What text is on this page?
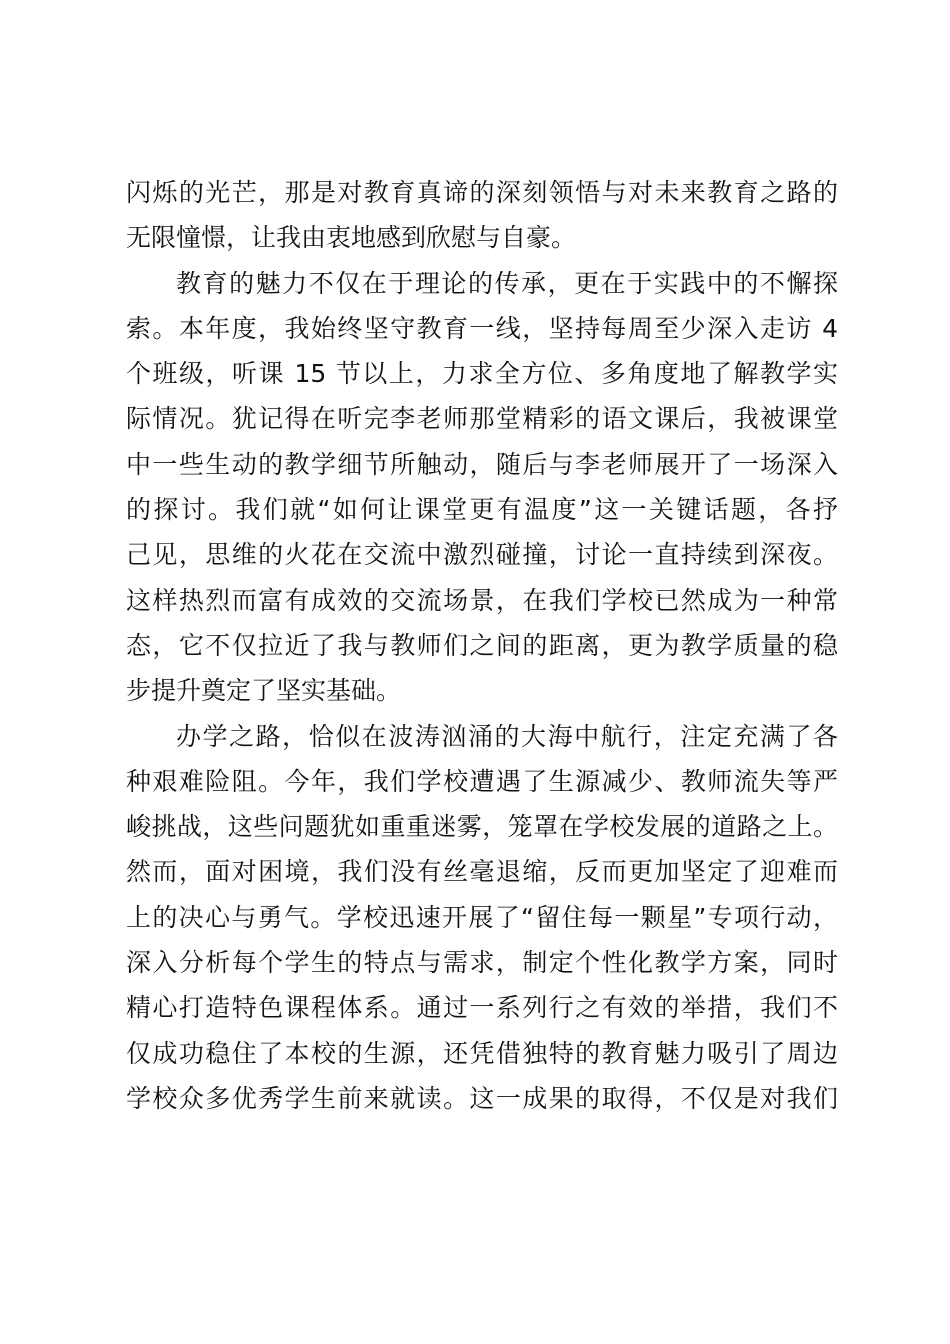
闪烁的光芒，那是对教育真谛的深刻领悟与对未来教育之路的
无限憧憬，让我由衷地感到欣慰与自豪。
教育的魅力不仅在于理论的传承，更在于实践中的不懈探
索。本年度，我始终坚守教育一线，坚持每周至少深入走访 4
个班级，听课 15 节以上，力求全方位、多角度地了解教学实
际情况。犹记得在听完李老师那堂精彩的语文课后，我被课堂
中一些生动的教学细节所触动，随后与李老师展开了一场深入
的探讨。我们就“如何让课堂更有温度”这一关键话题，各抒
己见，思维的火花在交流中激烈碰撞，讨论一直持续到深夜。
这样热烈而富有成效的交流场景，在我们学校已然成为一种常
态，它不仅拉近了我与教师们之间的距离，更为教学质量的稳
步提升奠定了坚实基础。
办学之路，恰似在波涛汹涌的大海中航行，注定充满了各
种艰难险阻。今年，我们学校遭遇了生源减少、教师流失等严
峻挑战，这些问题犹如重重迷雾，笼罩在学校发展的道路之上。
然而，面对困境，我们没有丝毫退缩，反而更加坚定了迎难而
上的决心与勇气。学校迅速开展了“留住每一颗星”专项行动，
深入分析每个学生的特点与需求，制定个性化教学方案，同时
精心打造特色课程体系。通过一系列行之有效的举措，我们不
仅成功稳住了本校的生源，还凭借独特的教育魅力吸引了周边
学校众多优秀学生前来就读。这一成果的取得，不仅是对我们
